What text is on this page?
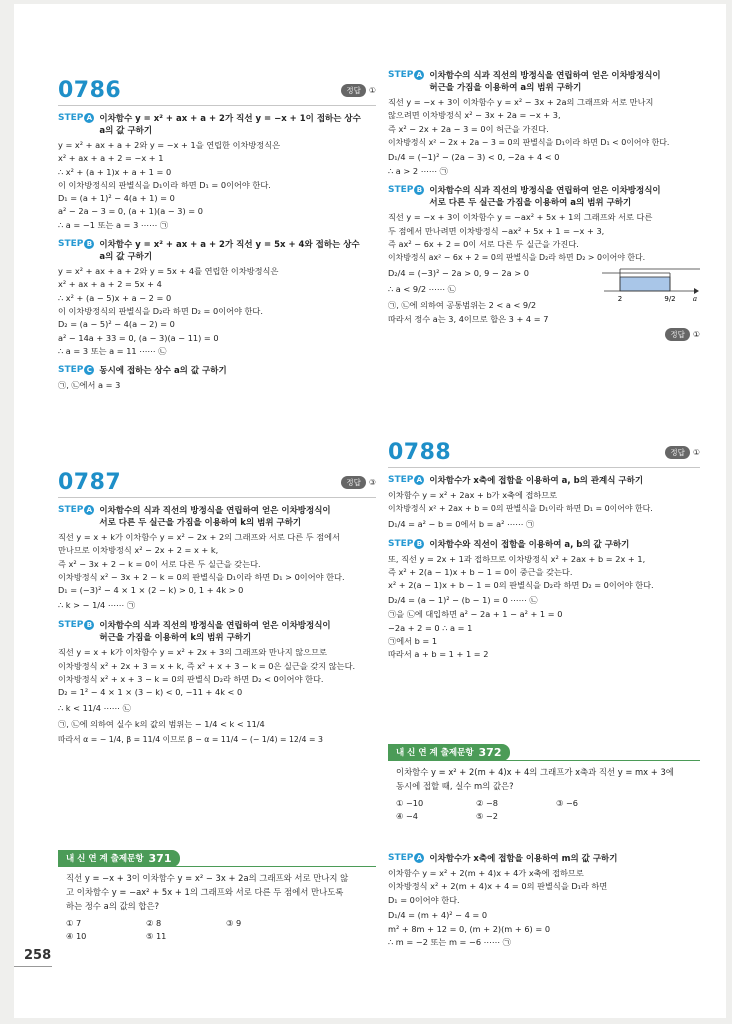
0786	정답	①
STEP A 이차함수 y = x² + ax + a + 2가 직선 y = −x + 1이 접하는 상수
a의 값 구하기
y = x² + ax + a + 2와 y = −x + 1을 연립한 이차방정식은
x² + ax + a + 2 = −x + 1
∴ x² + (a + 1)x + a + 1 = 0
이 이차방정식의 판별식을 D₁이라 하면 D₁ = 0이어야 한다.
D₁ = (a + 1)² − 4(a + 1) = 0
a² − 2a − 3 = 0, (a + 1)(a − 3) = 0
∴ a = −1 또는 a = 3 ⋯⋯ ㉠
STEP B 이차함수 y = x² + ax + a + 2가 직선 y = 5x + 4와 접하는 상수
a의 값 구하기
y = x² + ax + a + 2와 y = 5x + 4를 연립한 이차방정식은
x² + ax + a + 2 = 5x + 4
∴ x² + (a − 5)x + a − 2 = 0
이 이차방정식의 판별식을 D₂라 하면 D₂ = 0이어야 한다.
D₂ = (a − 5)² − 4(a − 2) = 0
a² − 14a + 33 = 0, (a − 3)(a − 11) = 0
∴ a = 3 또는 a = 11 ⋯⋯ ㉡
STEP C 동시에 접하는 상수 a의 값 구하기
㉠, ㉡에서 a = 3
0787	정답	③
STEP A 이차함수의 식과 직선의 방정식을 연립하여 얻은 이차방정식이
서로 다른 두 실근을 가짐을 이용하여 k의 범위 구하기
직선 y = x + k가 이차함수 y = x² − 2x + 2의 그래프와 서로 다른 두 점에서
만나므로 이차방정식 x² − 2x + 2 = x + k,
즉 x² − 3x + 2 − k = 0이 서로 다른 두 실근을 갖는다.
이차방정식 x² − 3x + 2 − k = 0의 판별식을 D₁이라 하면 D₁ > 0이어야 한다.
D₁ = (−3)² − 4 × 1 × (2 − k) > 0, 1 + 4k > 0
∴ k > − 1/4 ⋯⋯ ㉠
STEP B 이차함수의 식과 직선의 방정식을 연립하여 얻은 이차방정식이
허근을 가짐을 이용하여 k의 범위 구하기
직선 y = x + k가 이차함수 y = x² + 2x + 3의 그래프와 만나지 않으므로
이차방정식 x² + 2x + 3 = x + k, 즉 x² + x + 3 − k = 0은 실근을 갖지 않는다.
이차방정식 x² + x + 3 − k = 0의 판별식 D₂라 하면 D₂ < 0이어야 한다.
D₂ = 1² − 4 × 1 × (3 − k) < 0, −11 + 4k < 0
∴ k < 11/4 ⋯⋯ ㉡
㉠, ㉡에 의하여 실수 k의 값의 범위는 − 1/4 < k < 11/4
따라서 α = − 1/4, β = 11/4 이므로 β − α = 11/4 − (− 1/4) = 12/4 = 3
내 신 연 계 출제문항 371
직선 y = −x + 3이 이차함수 y = x² − 3x + 2a의 그래프와 서로 만나지 않
고 이차함수 y = −ax² + 5x + 1의 그래프와 서로 다른 두 점에서 만나도록
하는 정수 a의 값의 합은?
① 7	② 8	③ 9
④ 10	⑤ 11
STEP A 이차함수의 식과 직선의 방정식을 연립하여 얻은 이차방정식이
허근을 가짐을 이용하여 a의 범위 구하기
직선 y = −x + 3이 이차함수 y = x² − 3x + 2a의 그래프와 서로 만나지
않으려면 이차방정식 x² − 3x + 2a = −x + 3,
즉 x² − 2x + 2a − 3 = 0이 허근을 가진다.
이차방정식 x² − 2x + 2a − 3 = 0의 판별식을 D₁이라 하면 D₁ < 0이어야 한다.
D₁/4 = (−1)² − (2a − 3) < 0, −2a + 4 < 0
∴ a > 2 ⋯⋯ ㉠
STEP B 이차함수의 식과 직선의 방정식을 연립하여 얻은 이차방정식이
서로 다른 두 실근을 가짐을 이용하여 a의 범위 구하기
직선 y = −x + 3이 이차함수 y = −ax² + 5x + 1의 그래프와 서로 다른
두 점에서 만나려면 이차방정식 −ax² + 5x + 1 = −x + 3,
즉 ax² − 6x + 2 = 0이 서로 다른 두 실근을 가진다.
이차방정식 ax² − 6x + 2 = 0의 판별식을 D₂라 하면 D₂ > 0이어야 한다.
D₂/4 = (−3)² − 2a > 0, 9 − 2a > 0
∴ a < 9/2 ⋯⋯ ㉡
㉠, ㉡에 의하여 공통범위는 2 < a < 9/2
따라서 정수 a는 3, 4이므로 합은 3 + 4 = 7
2	9/2 a
정답	①
0788	정답	①
STEP A 이차함수가 x축에 접함을 이용하여 a, b의 관계식 구하기
이차함수 y = x² + 2ax + b가 x축에 접하므로
이차방정식 x² + 2ax + b = 0의 판별식을 D₁이라 하면 D₁ = 0이어야 한다.
D₁/4 = a² − b = 0에서 b = a² ⋯⋯ ㉠
STEP B 이차함수와 직선이 접함을 이용하여 a, b의 값 구하기
또, 직선 y = 2x + 1과 접하므로 이차방정식 x² + 2ax + b = 2x + 1,
즉 x² + 2(a − 1)x + b − 1 = 0이 중근을 갖는다.
x² + 2(a − 1)x + b − 1 = 0의 판별식을 D₂라 하면 D₂ = 0이어야 한다.
D₂/4 = (a − 1)² − (b − 1) = 0 ⋯⋯ ㉡
㉠을 ㉡에 대입하면 a² − 2a + 1 − a² + 1 = 0
−2a + 2 = 0 ∴ a = 1
㉠에서 b = 1
따라서 a + b = 1 + 1 = 2
내 신 연 계 출제문항 372
이차함수 y = x² + 2(m + 4)x + 4의 그래프가 x축과 직선 y = mx + 3에
동시에 접할 때, 실수 m의 값은?
① −10	② −8	③ −6
④ −4	⑤ −2
STEP A 이차함수가 x축에 접함을 이용하여 m의 값 구하기
이차함수 y = x² + 2(m + 4)x + 4가 x축에 접하므로
이차방정식 x² + 2(m + 4)x + 4 = 0의 판별식을 D₁라 하면
D₁ = 0이어야 한다.
D₁/4 = (m + 4)² − 4 = 0
m² + 8m + 12 = 0, (m + 2)(m + 6) = 0
∴ m = −2 또는 m = −6 ⋯⋯ ㉠
258
